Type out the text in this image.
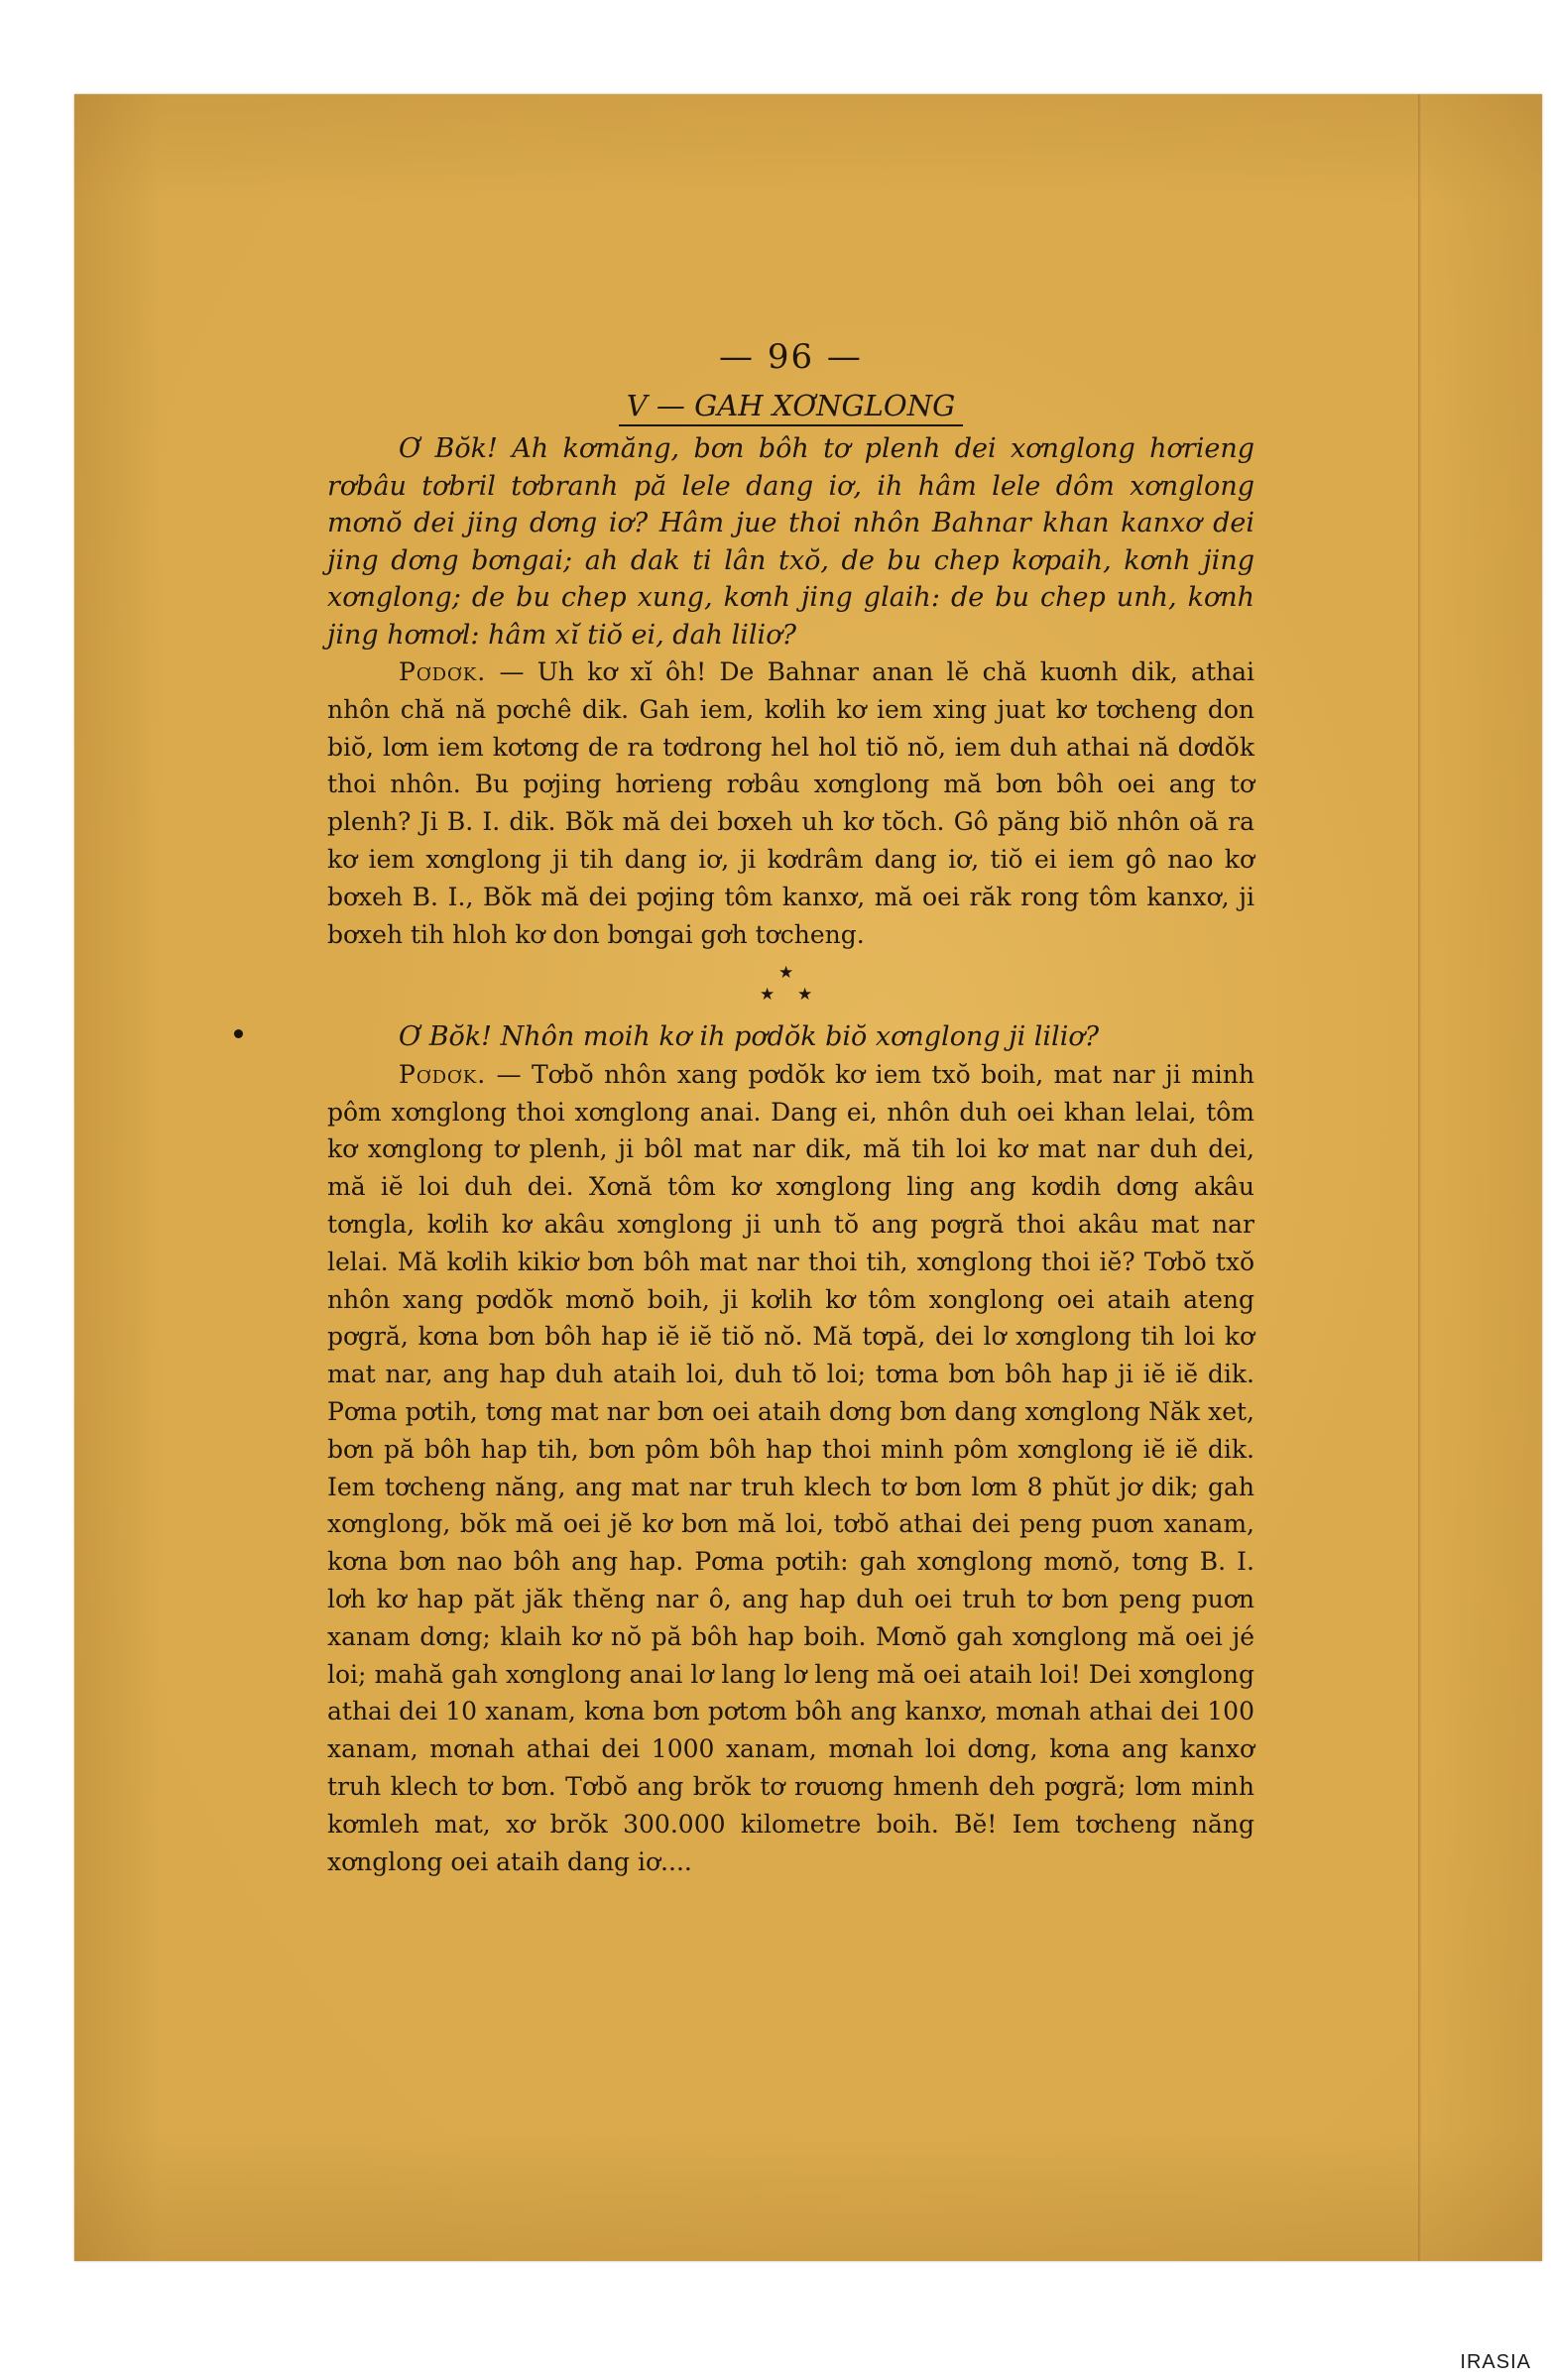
— 96 —
V — GAH XƠNGLONG

Ơ Bŏk! Ah kơmăng, bơn bôh tơ plenh dei xơnglong hơrieng rơbâu tơbril tơbranh pă lele dang iơ, ih hâm lele dôm xơnglong mơnŏ dei jing dơng iơ? Hâm jue thoi nhôn Bahnar khan kanxơ dei jing dơng bơngai; ah dak ti lân txŏ, de bu chep kơpaih, kơnh jing xơnglong; de bu chep xung, kơnh jing glaih: de bu chep unh, kơnh jing hơmơl: hâm xĭ tiŏ ei, dah liliơ?

Pơdơk. — Uh kơ xĭ ôh! De Bahnar anan lĕ chă kuơnh dik, athai nhôn chă nă pơchê dik. Gah iem, kơlih kơ iem xing juat kơ tơcheng don biŏ, lơm iem kơtơng de ra tơdrong hel hol tiŏ nŏ, iem duh athai nă dơdŏk thoi nhôn. Bu pơjing hơrieng rơbâu xơnglong mă bơn bôh oei ang tơ plenh? Ji B. I. dik. Bŏk mă dei bơxeh uh kơ tŏch. Gô păng biŏ nhôn oă ra kơ iem xơnglong ji tih dang iơ, ji kơdrâm dang iơ, tiŏ ei iem gô nao kơ bơxeh B. I., Bŏk mă dei pơjing tôm kanxơ, mă oei răk rong tôm kanxơ, ji bơxeh tih hloh kơ don bơngai gơh tơcheng.

★
★ ★

Ơ Bŏk! Nhôn moih kơ ih pơdŏk biŏ xơnglong ji liliơ?

Pơdơk. — Tơbŏ nhôn xang pơdŏk kơ iem txŏ boih, mat nar ji minh pôm xơnglong thoi xơnglong anai. Dang ei, nhôn duh oei khan lelai, tôm kơ xơnglong tơ plenh, ji bôl mat nar dik, mă tih loi kơ mat nar duh dei, mă iĕ loi duh dei. Xơnă tôm kơ xơnglong ling ang kơdih dơng akâu tơngla, kơlih kơ akâu xơnglong ji unh tŏ ang pơgră thoi akâu mat nar lelai. Mă kơlih kikiơ bơn bôh mat nar thoi tih, xơnglong thoi iĕ? Tơbŏ txŏ nhôn xang pơdŏk mơnŏ boih, ji kơlih kơ tôm xonglong oei ataih ateng pơgră, kơna bơn bôh hap iĕ iĕ tiŏ nŏ. Mă tơpă, dei lơ xơnglong tih loi kơ mat nar, ang hap duh ataih loi, duh tŏ loi; tơma bơn bôh hap ji iĕ iĕ dik. Pơma pơtih, tơng mat nar bơn oei ataih dơng bơn dang xơnglong Năk xet, bơn pă bôh hap tih, bơn pôm bôh hap thoi minh pôm xơnglong iĕ iĕ dik. Iem tơcheng năng, ang mat nar truh klech tơ bơn lơm 8 phŭt jơ dik; gah xơnglong, bŏk mă oei jĕ kơ bơn mă loi, tơbŏ athai dei peng puơn xanam, kơna bơn nao bôh ang hap. Pơma pơtih: gah xơnglong mơnŏ, tơng B. I. lơh kơ hap păt jăk thĕng nar ô, ang hap duh oei truh tơ bơn peng puơn xanam dơng; klaih kơ nŏ pă bôh hap boih. Mơnŏ gah xơnglong mă oei jé loi; mahă gah xơnglong anai lơ lang lơ leng mă oei ataih loi! Dei xơnglong athai dei 10 xanam, kơna bơn pơtơm bôh ang kanxơ, mơnah athai dei 100 xanam, mơnah athai dei 1000 xanam, mơnah loi dơng, kơna ang kanxơ truh klech tơ bơn. Tơbŏ ang brŏk tơ rơuơng hmenh deh pơgră; lơm minh kơmleh mat, xơ brŏk 300.000 kilometre boih. Bĕ! Iem tơcheng năng xơnglong oei ataih dang iơ....

IRASIA
